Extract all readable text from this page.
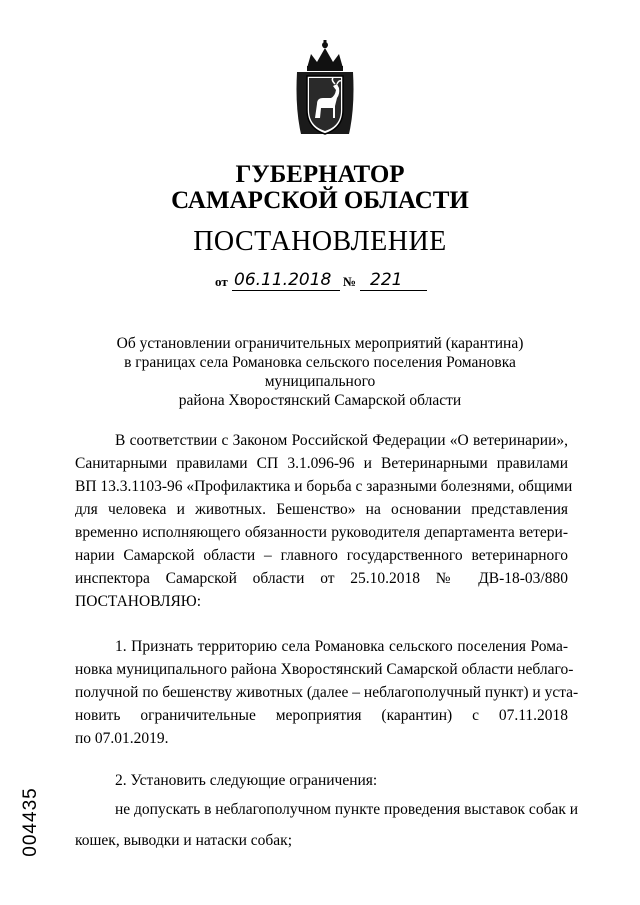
ГУБЕРНАТОР
САМАРСКОЙ ОБЛАСТИ
ПОСТАНОВЛЕНИЕ
от 06.11.2018 № 221
Об установлении ограничительных мероприятий (карантина)
в границах села Романовка сельского поселения Романовка муниципального
района Хворостянский Самарской области
В соответствии с Законом Российской Федерации «О ветеринарии»,
Санитарными правилами СП 3.1.096-96 и Ветеринарными правилами
ВП 13.3.1103-96 «Профилактика и борьба с заразными болезнями, общими
для человека и животных. Бешенство» на основании представления
временно исполняющего обязанности руководителя департамента ветери-
нарии Самарской области – главного государственного ветеринарного
инспектора Самарской области от 25.10.2018 № ДВ-18-03/880
ПОСТАНОВЛЯЮ:
1. Признать территорию села Романовка сельского поселения Рома-
новка муниципального района Хворостянский Самарской области неблаго-
получной по бешенству животных (далее – неблагополучный пункт) и уста-
новить ограничительные мероприятия (карантин) с 07.11.2018
по 07.01.2019.
2. Установить следующие ограничения:
не допускать в неблагополучном пункте проведения выставок собак и
кошек, выводки и натаски собак;
004435
